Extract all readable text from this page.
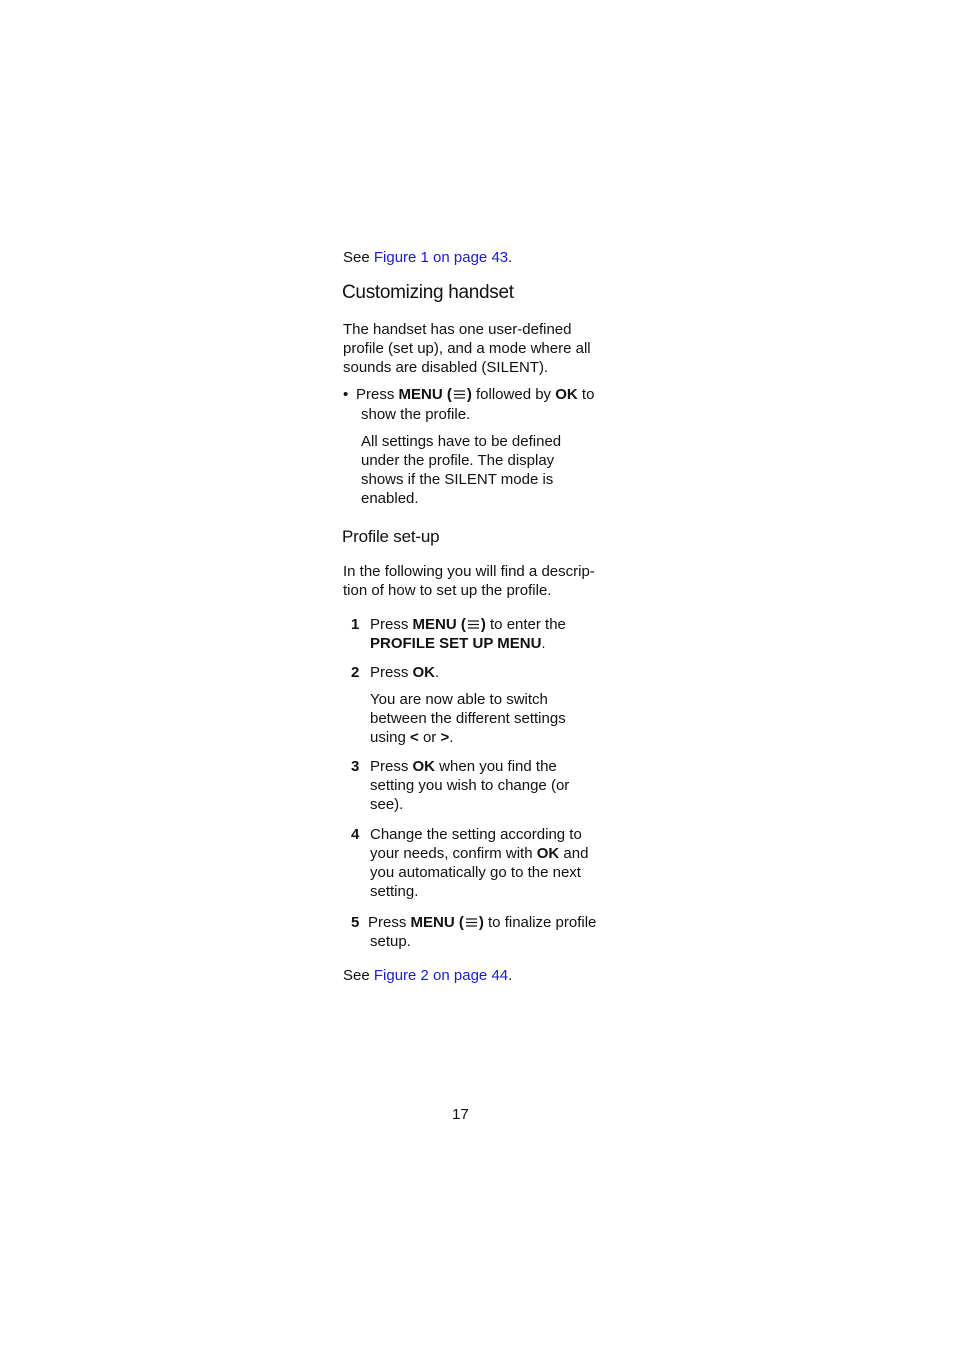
See Figure 1 on page 43.
Customizing handset
The handset has one user-defined
profile (set up), and a mode where all
sounds are disabled (SILENT).
• Press MENU ( ) followed by OK to
show the profile.
All settings have to be defined
under the profile. The display
shows if the SILENT mode is
enabled.
Profile set-up
In the following you will find a descrip-
tion of how to set up the profile.
1 Press MENU ( ) to enter the
PROFILE SET UP MENU.
2 Press OK.
You are now able to switch
between the different settings
using < or >.
3 Press OK when you find the
setting you wish to change (or
see).
4 Change the setting according to
your needs, confirm with OK and
you automatically go to the next
setting.
5 Press MENU ( ) to finalize profile
setup.
See Figure 2 on page 44.
17
